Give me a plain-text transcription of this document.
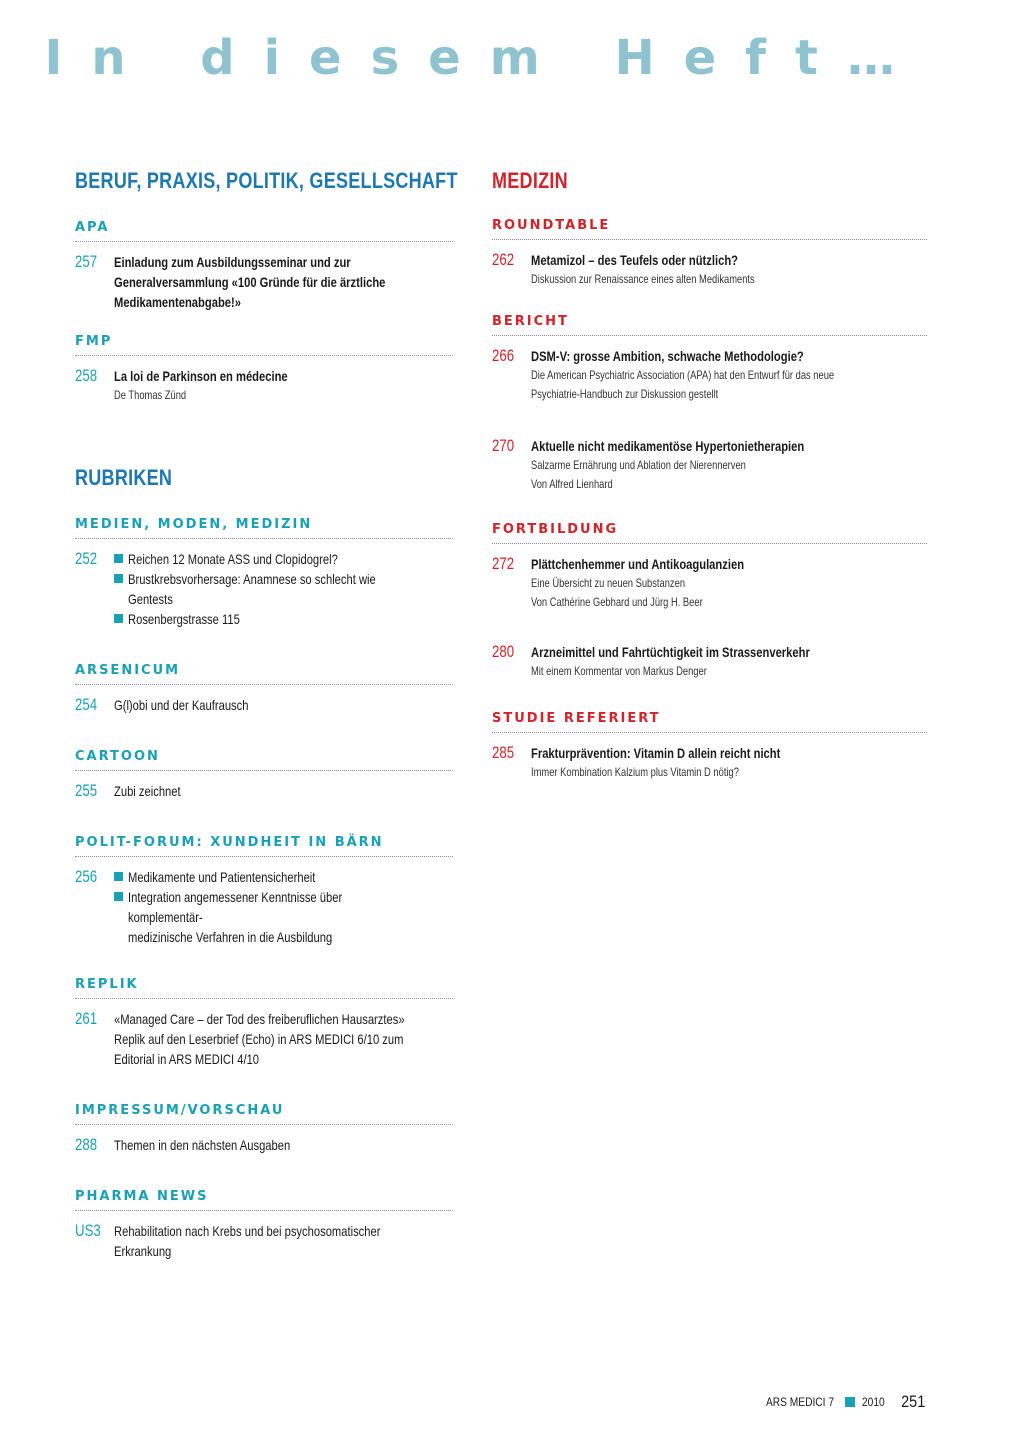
In diesem Heft…
BERUF, PRAXIS, POLITIK, GESELLSCHAFT
APA
257	Einladung zum Ausbildungsseminar und zur
Generalversammlung «100 Gründe für die ärztliche
Medikamentenabgabe!»
FMP
258	La loi de Parkinson en médecine
De Thomas Zünd
RUBRIKEN
MEDIEN, MODEN, MEDIZIN
252	Reichen 12 Monate ASS und Clopidogrel?
Brustkrebsvorhersage: Anamnese so schlecht wie Gentests
Rosenbergstrasse 115
ARSENICUM
254	G(l)obi und der Kaufrausch
CARTOON
255	Zubi zeichnet
POLIT-FORUM: XUNDHEIT IN BÄRN
256	Medikamente und Patientensicherheit
Integration angemessener Kenntnisse über komplementär-
medizinische Verfahren in die Ausbildung
REPLIK
261	«Managed Care – der Tod des freiberuflichen Hausarztes»
Replik auf den Leserbrief (Echo) in ARS MEDICI 6/10 zum
Editorial in ARS MEDICI 4/10
IMPRESSUM/VORSCHAU
288	Themen in den nächsten Ausgaben
PHARMA NEWS
US3 Rehabilitation nach Krebs und bei psychosomatischer
Erkrankung
MEDIZIN
ROUNDTABLE
262	Metamizol – des Teufels oder nützlich?
Diskussion zur Renaissance eines alten Medikaments
BERICHT
266	DSM-V: grosse Ambition, schwache Methodologie?
Die American Psychiatric Association (APA) hat den Entwurf für das neue
Psychiatrie-Handbuch zur Diskussion gestellt
270	Aktuelle nicht medikamentöse Hypertonietherapien
Salzarme Ernährung und Ablation der Nierennerven
Von Alfred Lienhard
FORTBILDUNG
272	Plättchenhemmer und Antikoagulanzien
Eine Übersicht zu neuen Substanzen
Von Cathérine Gebhard und Jürg H. Beer
280	Arzneimittel und Fahrtüchtigkeit im Strassenverkehr
Mit einem Kommentar von Markus Denger
STUDIE REFERIERT
285	Frakturprävention: Vitamin D allein reicht nicht
Immer Kombination Kalzium plus Vitamin D nötig?
ARS MEDICI 7 2010 251
